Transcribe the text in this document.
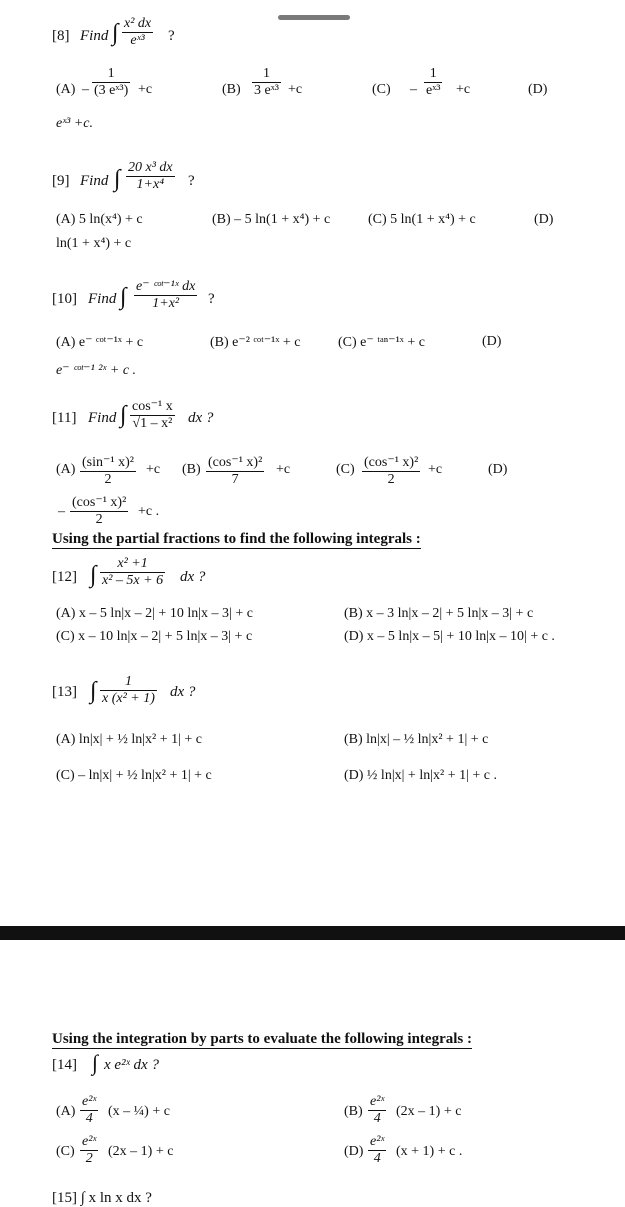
[8] Find ∫ $\frac{\text{x² dx}}{\text{eˣ³}}$ ?
$(A) - \frac{1}{\text{(3 eˣ³)}} +c$	$(B) \frac{1}{\text{3 eˣ³}} +c$	$(C) - \frac{1}{\text{eˣ³}} +c$	(D)
eˣ³ +c.
[9] Find ∫ $\frac{\text{20 x³ dx}}{\text{1+x⁴}}$ ?
(A) 5 ln(x⁴) + c	(B) – 5 ln(1 + x⁴) + c	(C) 5 ln(1 + x⁴) + c	(D)
ln(1 + x⁴) + c
[10] Find ∫ e⁻ ᶜᵒᵗ⁻¹ˣ dx
1+x²	?
(A) e⁻ ᶜᵒᵗ⁻¹ˣ + c	(B) e⁻² ᶜᵒᵗ⁻¹ˣ + c	(C) e⁻ ᵗᵃⁿ⁻¹ˣ + c	(D)
e⁻ ᶜᵒᵗ⁻¹ ²ˣ + c .
[11] Find ∫ $\frac{\text{cos⁻¹ x}}{\text{√1 – x²}}$ dx ?
$(A) \frac{\text{(sin⁻¹ x)²}}{2} +c$ $(B) \frac{\text{(cos⁻¹ x)²}}{7} +c$	$(C) \frac{\text{(cos⁻¹ x)²}}{2} +c$	(D)
– $\frac{\text{(cos⁻¹ x)²}}{2} +c$ .
Using the partial fractions to find the following integrals :
[12] ∫ $\frac{\text{x² +1}}{\text{x² – 5x + 6}}$ dx ?
(A) x – 5 ln|x – 2| + 10 ln|x – 3| + c	(B) x – 3 ln|x – 2| + 5 ln|x – 3| + c
(C) x – 10 ln|x – 2| + 5 ln|x – 3| + c	(D) x – 5 ln|x – 5| + 10 ln|x – 10| + c .
[13] ∫ $\frac{1}{\text{x (x² + 1)}}$ dx ?
(A) ln|x| + ½ ln|x² + 1| + c	(B) ln|x| – ½ ln|x² + 1| + c
(C) – ln|x| + ½ ln|x² + 1| + c	(D) ½ ln|x| + ln|x² + 1| + c .
Using the integration by parts to evaluate the following integrals :
[14] ∫ x e²ˣ dx ?
$(A) \frac{\text{e²ˣ}}{4} (x$ – ¼) + c	$(B) \frac{\text{e²ˣ}}{4} (2x - 1) + c$
$(C) \frac{\text{e²ˣ}}{2} (2x - 1) + c$	$(D) \frac{\text{e²ˣ}}{4} (x + 1) + c$ .
[15] ∫ x ln x dx ?
